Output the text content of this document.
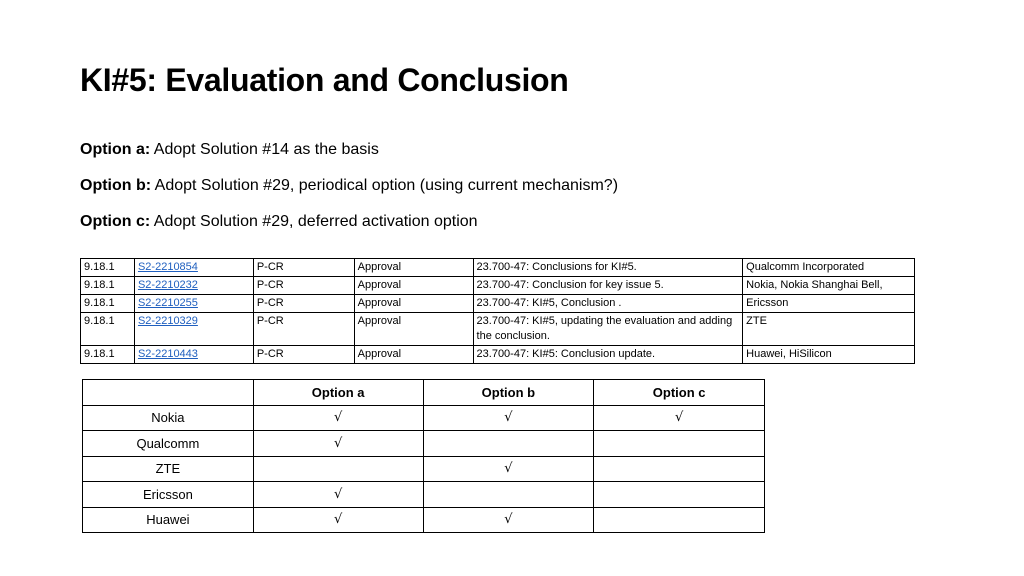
KI#5: Evaluation and Conclusion
Option a: Adopt Solution #14 as the basis
Option b: Adopt Solution #29, periodical option (using current mechanism?)
Option c: Adopt Solution #29, deferred activation option
9.18.1	S2-2210854	P-CR	Approval	23.700-47: Conclusions for KI#5.	Qualcomm Incorporated
9.18.1	S2-2210232	P-CR	Approval	23.700-47: Conclusion for key issue 5.	Nokia, Nokia Shanghai Bell,
9.18.1	S2-2210255	P-CR	Approval	23.700-47: KI#5, Conclusion .	Ericsson
9.18.1	S2-2210329	P-CR	Approval	23.700-47: KI#5, updating the evaluation and adding the conclusion.	ZTE
9.18.1	S2-2210443	P-CR	Approval	23.700-47: KI#5: Conclusion update.	Huawei, HiSilicon
	Option a	Option b	Option c
Nokia	√	√	√
Qualcomm	√		
ZTE		√	
Ericsson	√		
Huawei	√	√	
